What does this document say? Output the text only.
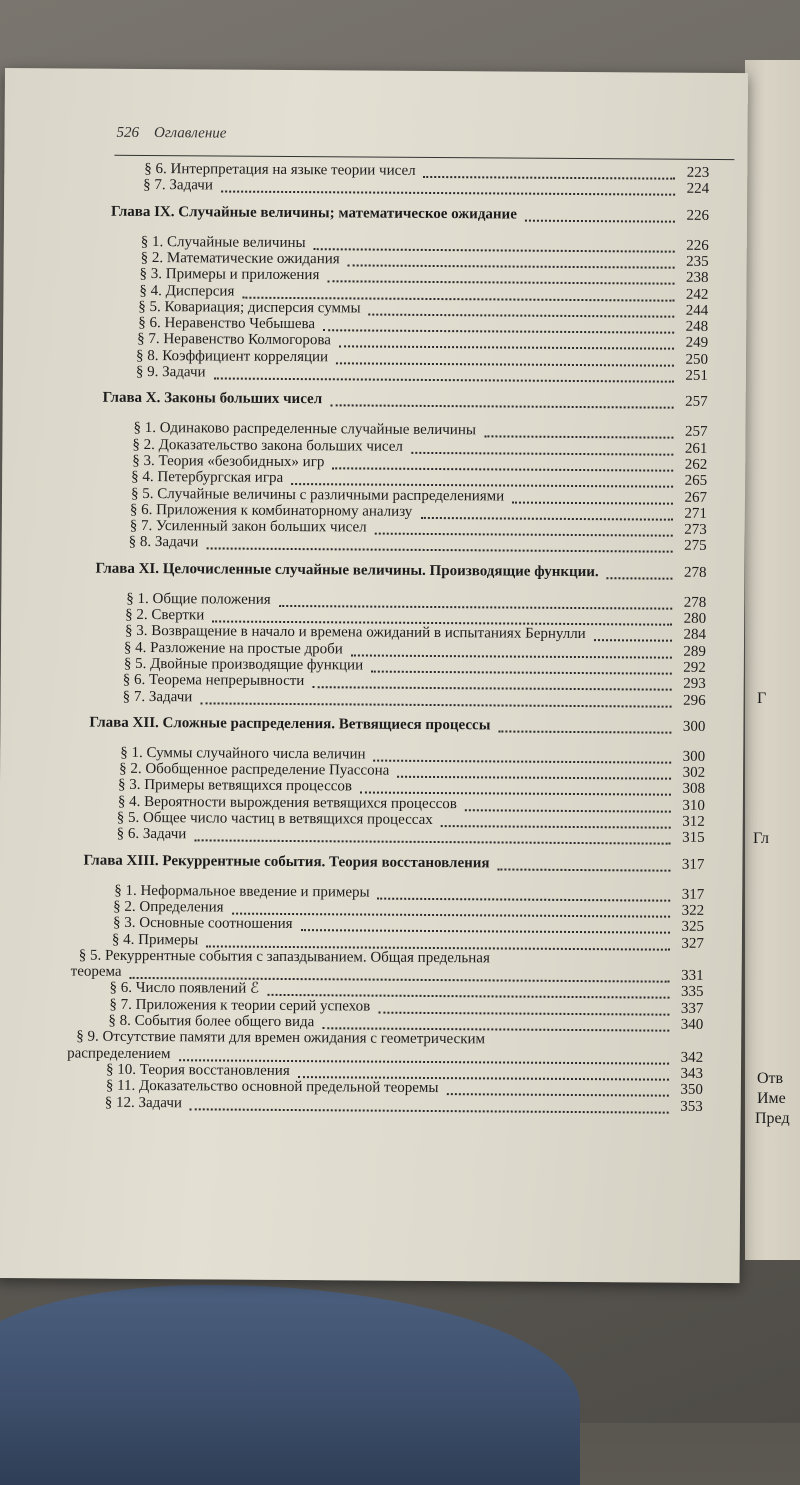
Г
Гл
Отв
Име
Пред
526 Оглавление
§ 6. Интерпретация на языке теории чисел	223
§ 7. Задачи	224
Глава IX. Случайные величины; математическое ожидание	226
§ 1. Случайные величины	226
§ 2. Математические ожидания	235
§ 3. Примеры и приложения	238
§ 4. Дисперсия	242
§ 5. Ковариация; дисперсия суммы	244
§ 6. Неравенство Чебышева	248
§ 7. Неравенство Колмогорова	249
§ 8. Коэффициент корреляции	250
§ 9. Задачи	251
Глава X. Законы больших чисел	257
§ 1. Одинаково распределенные случайные величины	257
§ 2. Доказательство закона больших чисел	261
§ 3. Теория «безобидных» игр	262
§ 4. Петербургская игра	265
§ 5. Случайные величины с различными распределениями	267
§ 6. Приложения к комбинаторному анализу	271
§ 7. Усиленный закон больших чисел	273
§ 8. Задачи	275
Глава XI. Целочисленные случайные величины. Производящие функции.	278
§ 1. Общие положения	278
§ 2. Свертки	280
§ 3. Возвращение в начало и времена ожиданий в испытаниях Бернулли	284
§ 4. Разложение на простые дроби	289
§ 5. Двойные производящие функции	292
§ 6. Теорема непрерывности	293
§ 7. Задачи	296
Глава XII. Сложные распределения. Ветвящиеся процессы	300
§ 1. Суммы случайного числа величин	300
§ 2. Обобщенное распределение Пуассона	302
§ 3. Примеры ветвящихся процессов	308
§ 4. Вероятности вырождения ветвящихся процессов	310
§ 5. Общее число частиц в ветвящихся процессах	312
§ 6. Задачи	315
Глава XIII. Рекуррентные события. Теория восстановления	317
§ 1. Неформальное введение и примеры	317
§ 2. Определения	322
§ 3. Основные соотношения	325
§ 4. Примеры	327
§ 5. Рекуррентные события с запаздыванием. Общая предельная
теорема	331
§ 6. Число появлений ℰ	335
§ 7. Приложения к теории серий успехов	337
§ 8. События более общего вида	340
§ 9. Отсутствие памяти для времен ожидания с геометрическим
распределением	342
§ 10. Теория восстановления	343
§ 11. Доказательство основной предельной теоремы	350
§ 12. Задачи	353
